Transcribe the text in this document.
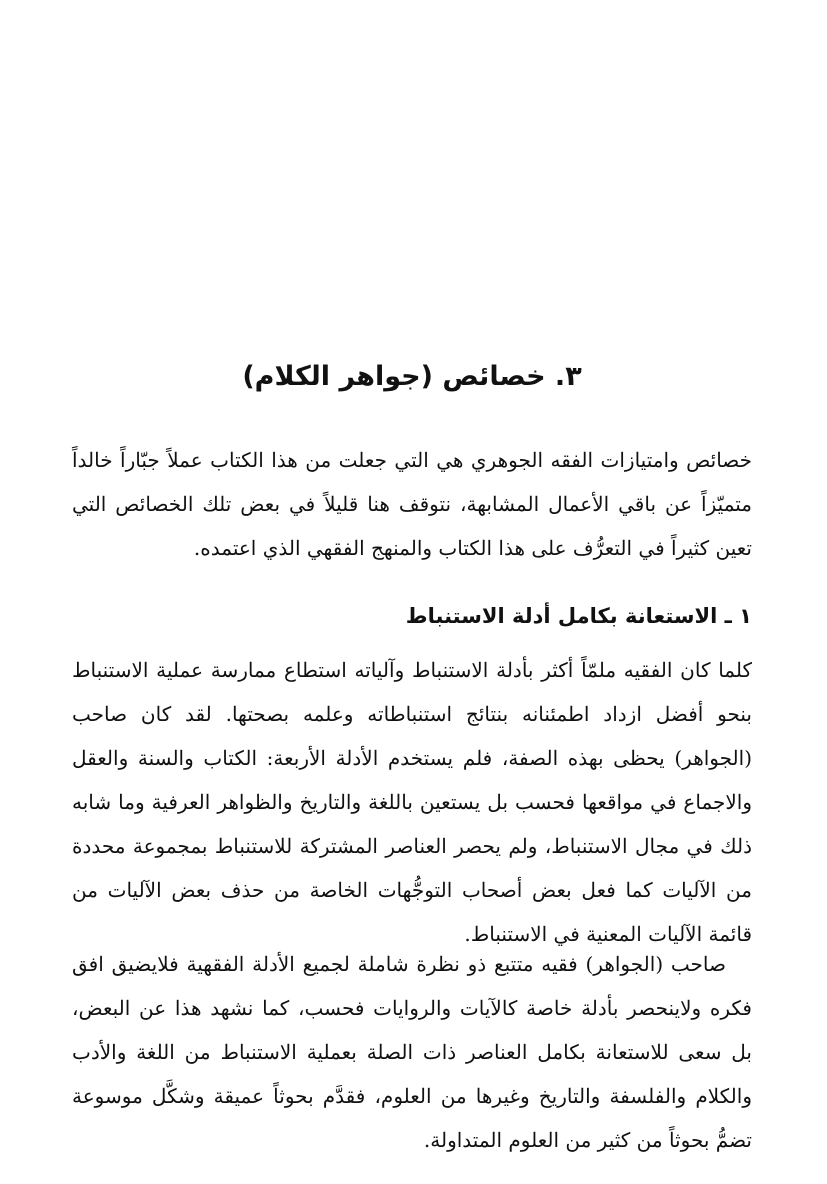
٣. خصائص (جواهر الكلام)

خصائص وامتيازات الفقه الجوهري هي التي جعلت من هذا الكتاب عملاً جبّاراً خالداً متميّزاً عن باقي الأعمال المشابهة، نتوقف هنا قليلاً في بعض تلك الخصائص التي تعين كثيراً في التعرُّف على هذا الكتاب والمنهج الفقهي الذي اعتمده.

١ ـ الاستعانة بكامل أدلة الاستنباط

كلما كان الفقيه ملمّاً أكثر بأدلة الاستنباط وآلياته استطاع ممارسة عملية الاستنباط بنحو أفضل ازداد اطمئنانه بنتائج استنباطاته وعلمه بصحتها. لقد كان صاحب (الجواهر) يحظى بهذه الصفة، فلم يستخدم الأدلة الأربعة: الكتاب والسنة والعقل والاجماع في مواقعها فحسب بل يستعين باللغة والتاريخ والظواهر العرفية وما شابه ذلك في مجال الاستنباط، ولم يحصر العناصر المشتركة للاستنباط بمجموعة محددة من الآليات كما فعل بعض أصحاب التوجُّهات الخاصة من حذف بعض الآليات من قائمة الآليات المعنية في الاستنباط.

صاحب (الجواهر) فقيه متتبع ذو نظرة شاملة لجميع الأدلة الفقهية فلايضيق افق فكره ولاينحصر بأدلة خاصة كالآيات والروايات فحسب، كما نشهد هذا عن البعض، بل سعى للاستعانة بكامل العناصر ذات الصلة بعملية الاستنباط من اللغة والأدب والكلام والفلسفة والتاريخ وغيرها من العلوم، فقدَّم بحوثاً عميقة وشكَّل موسوعة تضمُّ بحوثاً من كثير من العلوم المتداولة.
